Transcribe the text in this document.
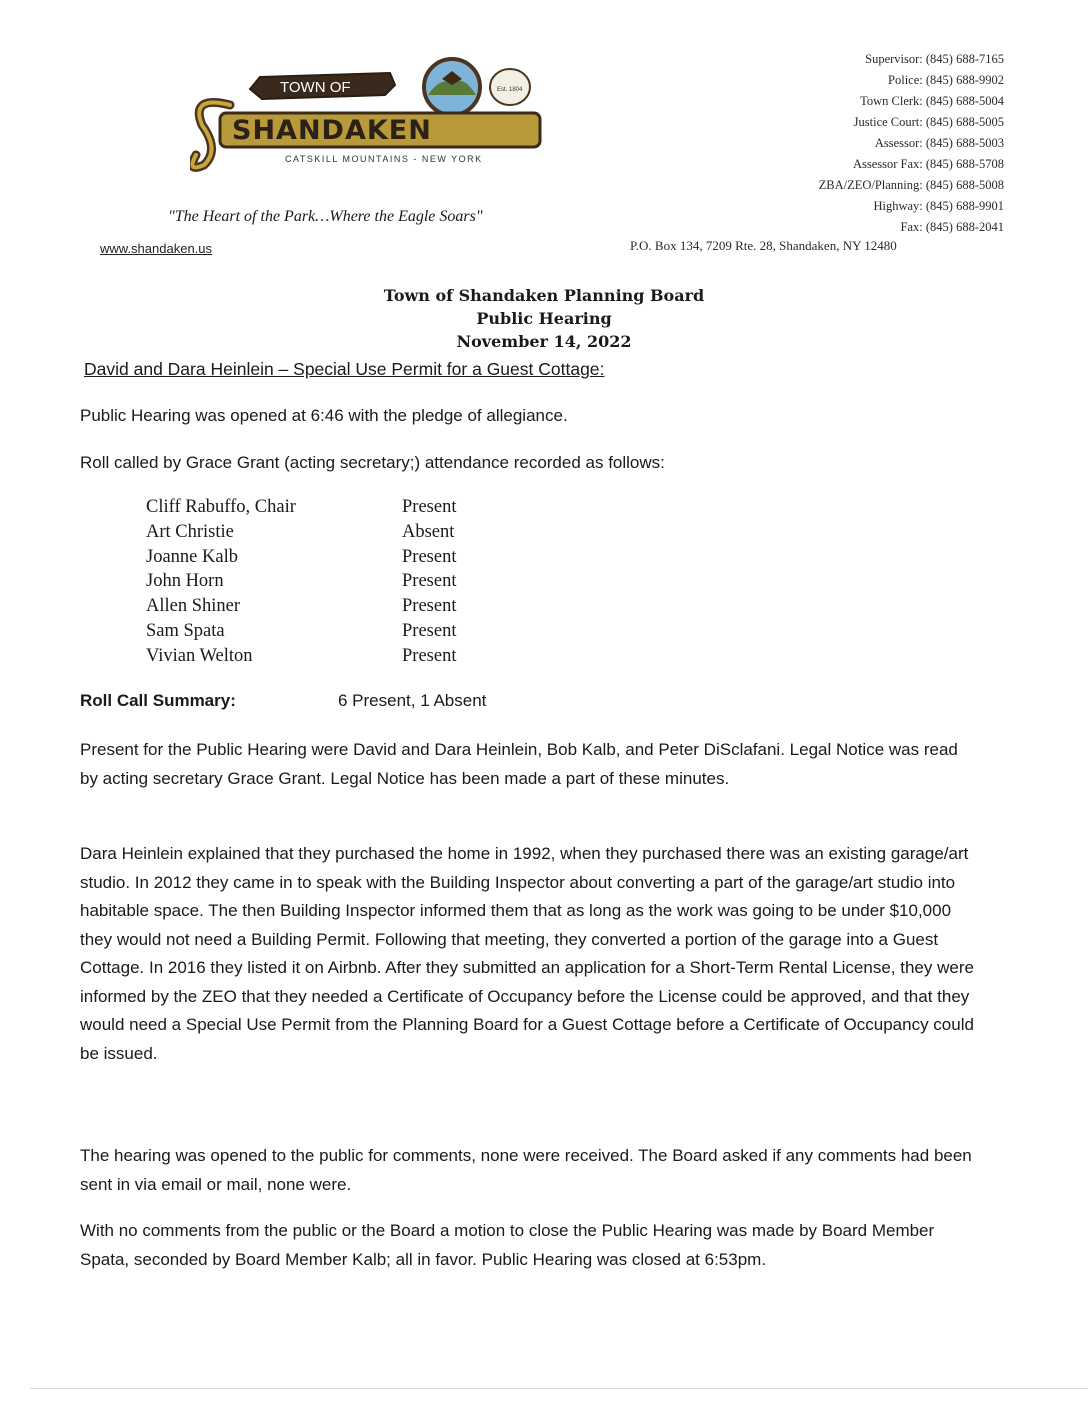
TOWN OF	Est. 1804
SHANDAKEN
CATSKILL MOUNTAINS - NEW YORK
"The Heart of the Park…Where the Eagle Soars"
www.shandaken.us
Supervisor: (845) 688-7165
Police: (845) 688-9902
Town Clerk: (845) 688-5004
Justice Court: (845) 688-5005
Assessor: (845) 688-5003
Assessor Fax: (845) 688-5708
ZBA/ZEO/Planning: (845) 688-5008
Highway: (845) 688-9901
Fax: (845) 688-2041
P.O. Box 134, 7209 Rte. 28, Shandaken, NY 12480
Town of Shandaken Planning Board
Public Hearing
November 14, 2022
David and Dara Heinlein – Special Use Permit for a Guest Cottage:
Public Hearing was opened at 6:46 with the pledge of allegiance.
Roll called by Grace Grant (acting secretary;) attendance recorded as follows:
Cliff Rabuffo, Chair	Present
Art Christie	Absent
Joanne Kalb	Present
John Horn	Present
Allen Shiner	Present
Sam Spata	Present
Vivian Welton	Present
Roll Call Summary:	6 Present, 1 Absent
Present for the Public Hearing were David and Dara Heinlein, Bob Kalb, and Peter DiSclafani. Legal Notice was read by acting secretary Grace Grant. Legal Notice has been made a part of these minutes.
Dara Heinlein explained that they purchased the home in 1992, when they purchased there was an existing garage/art studio. In 2012 they came in to speak with the Building Inspector about converting a part of the garage/art studio into habitable space. The then Building Inspector informed them that as long as the work was going to be under $10,000 they would not need a Building Permit. Following that meeting, they converted a portion of the garage into a Guest Cottage. In 2016 they listed it on Airbnb. After they submitted an application for a Short-Term Rental License, they were informed by the ZEO that they needed a Certificate of Occupancy before the License could be approved, and that they would need a Special Use Permit from the Planning Board for a Guest Cottage before a Certificate of Occupancy could be issued.
The hearing was opened to the public for comments, none were received. The Board asked if any comments had been sent in via email or mail, none were.
With no comments from the public or the Board a motion to close the Public Hearing was made by Board Member Spata, seconded by Board Member Kalb; all in favor. Public Hearing was closed at 6:53pm.
